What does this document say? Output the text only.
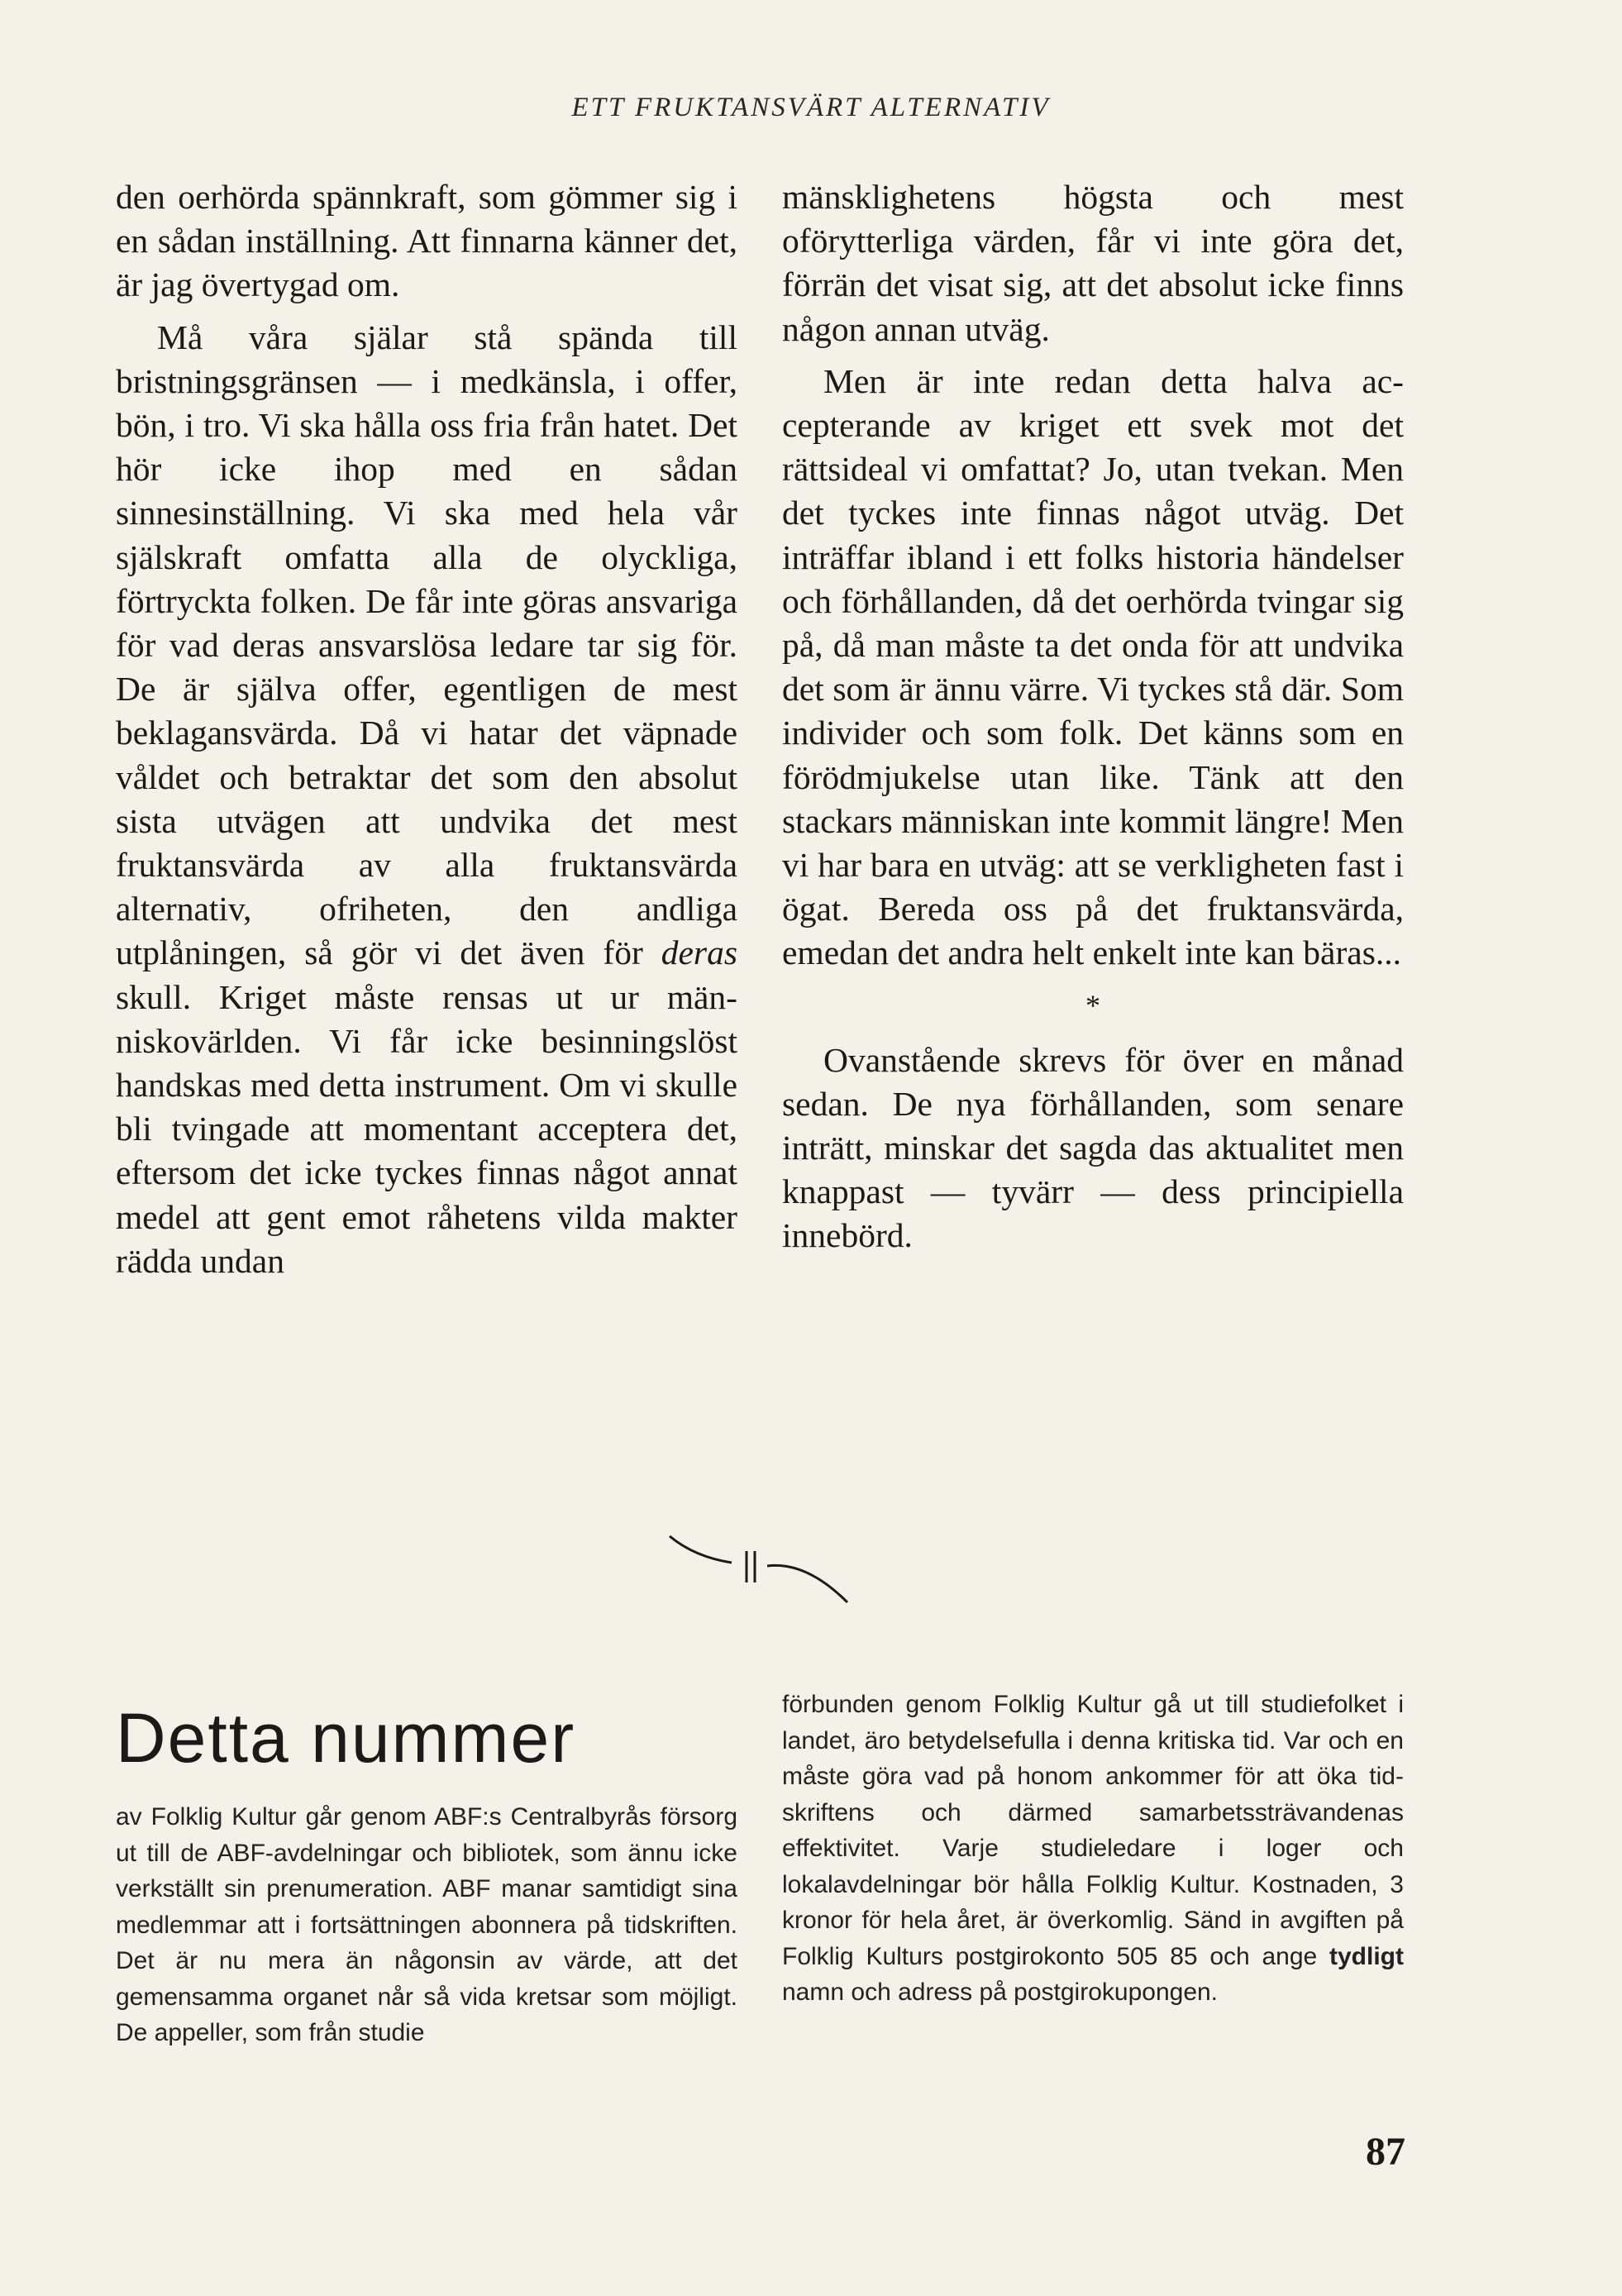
ETT FRUKTANSVÄRT ALTERNATIV

den oerhörda spännkraft, som gömmer sig i en sådan inställning. Att finnarna känner det, är jag övertygad om.

Må våra själar stå spända till bristningsgränsen — i medkänsla, i offer, bön, i tro. Vi ska hålla oss fria från hatet. Det hör icke ihop med en sådan sinnesinställning. Vi ska med hela vår själskraft omfatta alla de olyckliga, förtryckta folken. De får inte göras ansvariga för vad deras ansvarslösa ledare tar sig för. De är själva offer, egentligen de mest beklagansvärda. Då vi hatar det väpnade våldet och betraktar det som den absolut sista utvägen att undvika det mest fruktansvärda av alla fruktansvärda alternativ, ofriheten, den andliga utplåningen, så gör vi det även för deras skull. Kriget måste rensas ut ur människovärlden. Vi får icke besinningslöst handskas med detta instrument. Om vi skulle bli tvingade att momentant acceptera det, eftersom det icke tyckes finnas något annat medel att gent emot råhetens vilda makter rädda undan

mänsklighetens högsta och mest oförytterliga värden, får vi inte göra det, förrän det visat sig, att det absolut icke finns någon annan utväg.

Men är inte redan detta halva accepterande av kriget ett svek mot det rättsideal vi omfattat? Jo, utan tvekan. Men det tyckes inte finnas något utväg. Det inträffar ibland i ett folks historia händelser och förhållanden, då det oerhörda tvingar sig på, då man måste ta det onda för att undvika det som är ännu värre. Vi tyckes stå där. Som individer och som folk. Det känns som en förödmjukelse utan like. Tänk att den stackars människan inte kommit längre! Men vi har bara en utväg: att se verkligheten fast i ögat. Bereda oss på det fruktansvärda, emedan det andra helt enkelt inte kan bäras...

*

Ovanstående skrevs för över en månad sedan. De nya förhållanden, som senare inträtt, minskar det sagda das aktualitet men knappast — tyvärr — dess principiella innebörd.

Detta nummer

av Folklig Kultur går genom ABF:s Centralbyrås försorg ut till de ABF-avdelningar och bibliotek, som ännu icke verkställt sin prenumeration. ABF manar samtidigt sina medlemmar att i fortsättningen abonnera på tidskriften. Det är nu mera än någonsin av värde, att det gemensamma organet når så vida kretsar som möjligt. De appeller, som från studie

förbunden genom Folklig Kultur gå ut till studiefolket i landet, äro betydelsefulla i denna kritiska tid. Var och en måste göra vad på honom ankommer för att öka tidskriftens och därmed samarbetssträvandenas effektivitet. Varje studieledare i loger och lokalavdelningar bör hålla Folklig Kultur. Kostnaden, 3 kronor för hela året, är överkomlig. Sänd in avgiften på Folklig Kulturs postgirokonto 505 85 och ange tydligt namn och adress på postgirokupongen.

87
